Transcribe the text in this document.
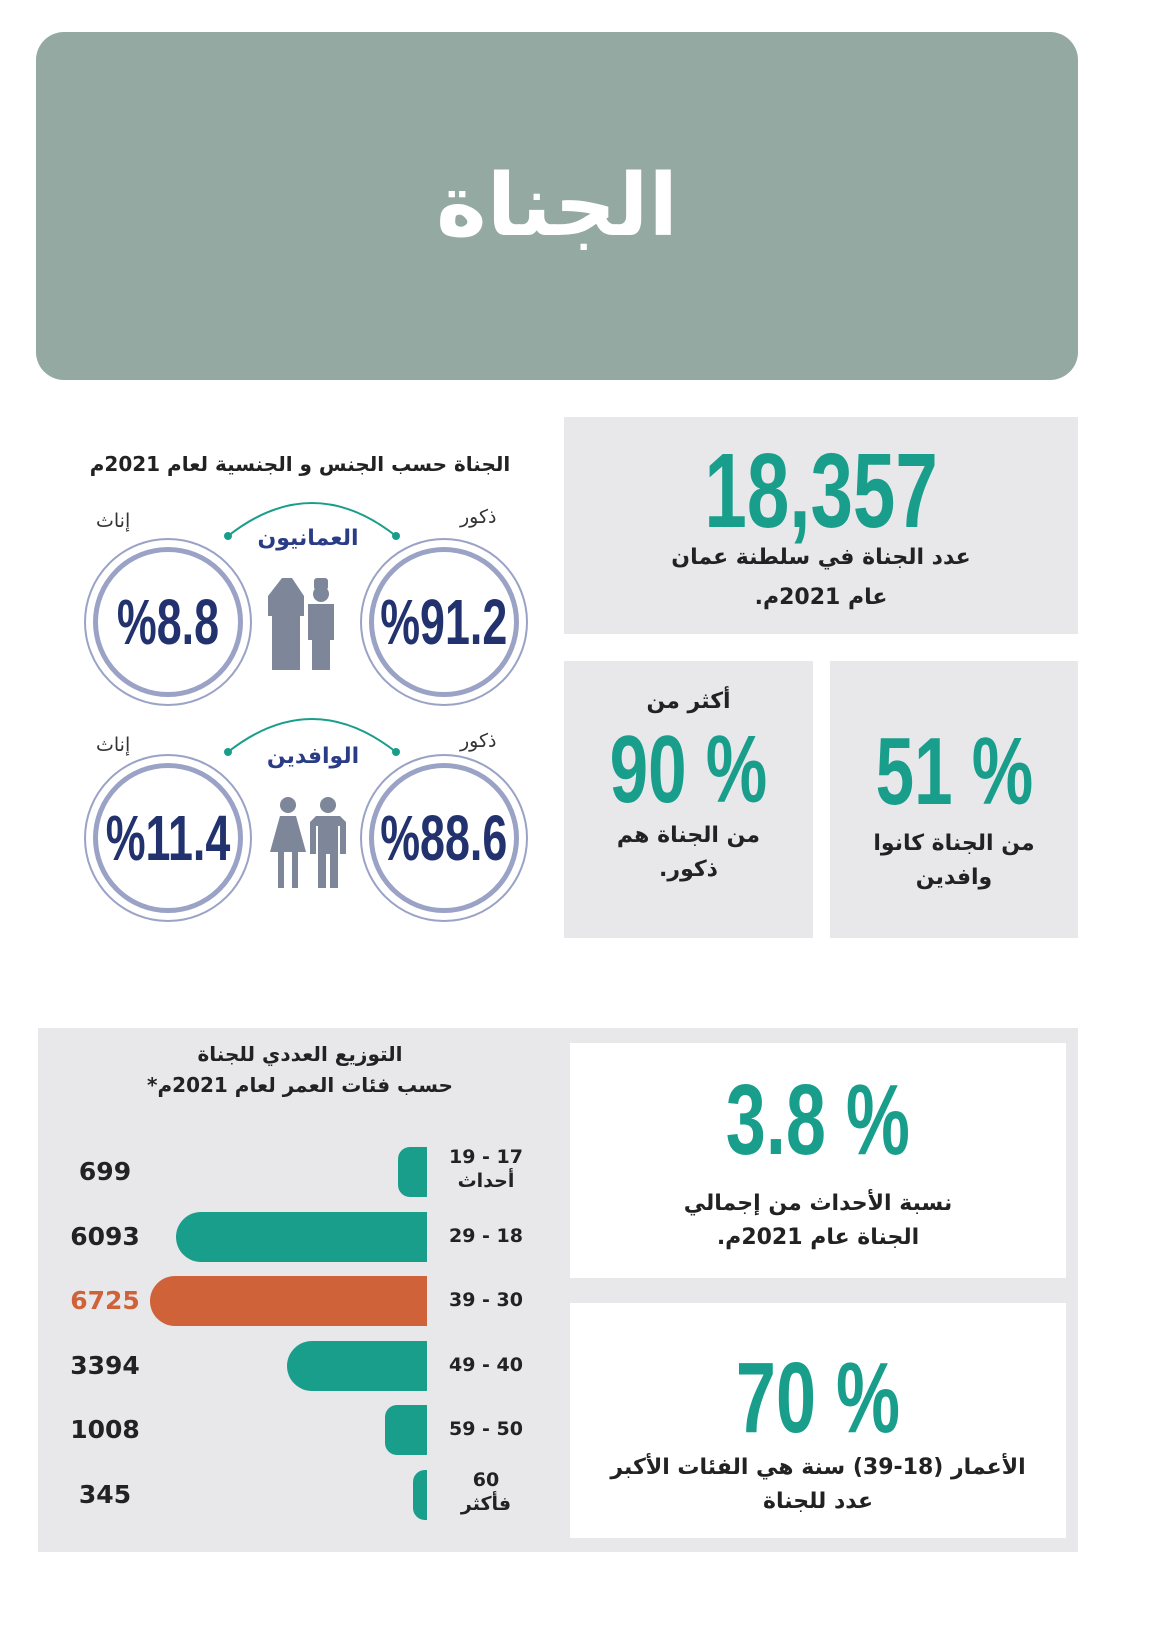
الجناة
18,357
عدد الجناة في سلطنة عمان
عام 2021م.
أكثر من
90 %
من الجناة هم
ذكور.
51 %
من الجناة كانوا
وافدين
الجناة حسب الجنس و الجنسية لعام 2021م
ذكور
إناث
العمانيون
%91.2
%8.8
ذكور
إناث	الوافدين
%88.6
%11.4
التوزيع العددي للجناة
حسب فئات العمر لعام 2021م*
699	19 - 17
أحداث
6093	29 - 18
6725	39 - 30
3394	49 - 40
1008	59 - 50
345	60
فأكثر
3.8 %
نسبة الأحداث من إجمالي
الجناة عام 2021م.
70 %
الأعمار (18-39) سنة هي الفئات الأكبر
عدد للجناة
